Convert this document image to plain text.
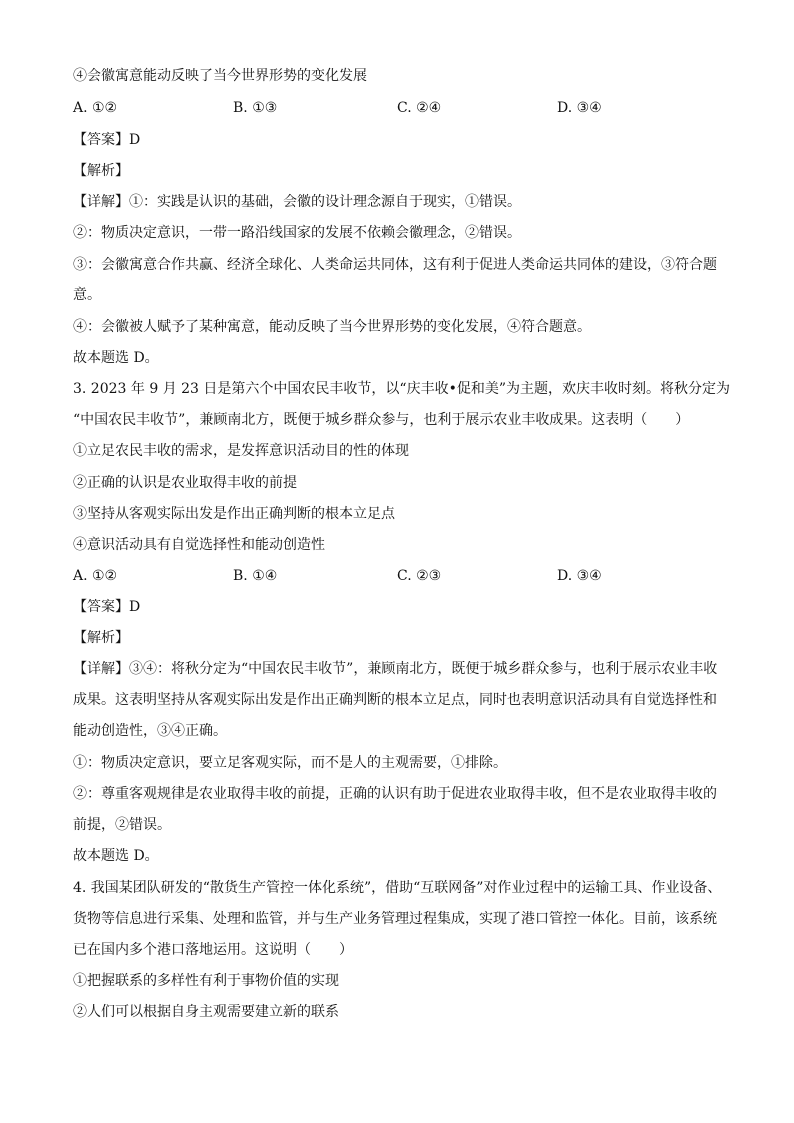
④会徽寓意能动反映了当今世界形势的变化发展
A. ①②	B. ①③	C. ②④	D. ③④
【答案】D
【解析】
【详解】①：实践是认识的基础，会徽的设计理念源自于现实，①错误。
②：物质决定意识，一带一路沿线国家的发展不依赖会徽理念，②错误。
③：会徽寓意合作共赢、经济全球化、人类命运共同体，这有利于促进人类命运共同体的建设，③符合题
意。
④：会徽被人赋予了某种寓意，能动反映了当今世界形势的变化发展，④符合题意。
故本题选 D。
3. 2023 年 9 月 23 日是第六个中国农民丰收节，以“庆丰收•促和美”为主题，欢庆丰收时刻。将秋分定为
“中国农民丰收节”，兼顾南北方，既便于城乡群众参与，也利于展示农业丰收成果。这表明（　　）
①立足农民丰收的需求，是发挥意识活动目的性的体现
②正确的认识是农业取得丰收的前提
③坚持从客观实际出发是作出正确判断的根本立足点
④意识活动具有自觉选择性和能动创造性
A. ①②	B. ①④	C. ②③	D. ③④
【答案】D
【解析】
【详解】③④：将秋分定为“中国农民丰收节”，兼顾南北方，既便于城乡群众参与，也利于展示农业丰收
成果。这表明坚持从客观实际出发是作出正确判断的根本立足点，同时也表明意识活动具有自觉选择性和
能动创造性，③④正确。
①：物质决定意识，要立足客观实际，而不是人的主观需要，①排除。
②：尊重客观规律是农业取得丰收的前提，正确的认识有助于促进农业取得丰收，但不是农业取得丰收的
前提，②错误。
故本题选 D。
4. 我国某团队研发的“散货生产管控一体化系统”，借助“互联网备”对作业过程中的运输工具、作业设备、
货物等信息进行采集、处理和监管，并与生产业务管理过程集成，实现了港口管控一体化。目前，该系统
已在国内多个港口落地运用。这说明（　　）
①把握联系的多样性有利于事物价值的实现
②人们可以根据自身主观需要建立新的联系
